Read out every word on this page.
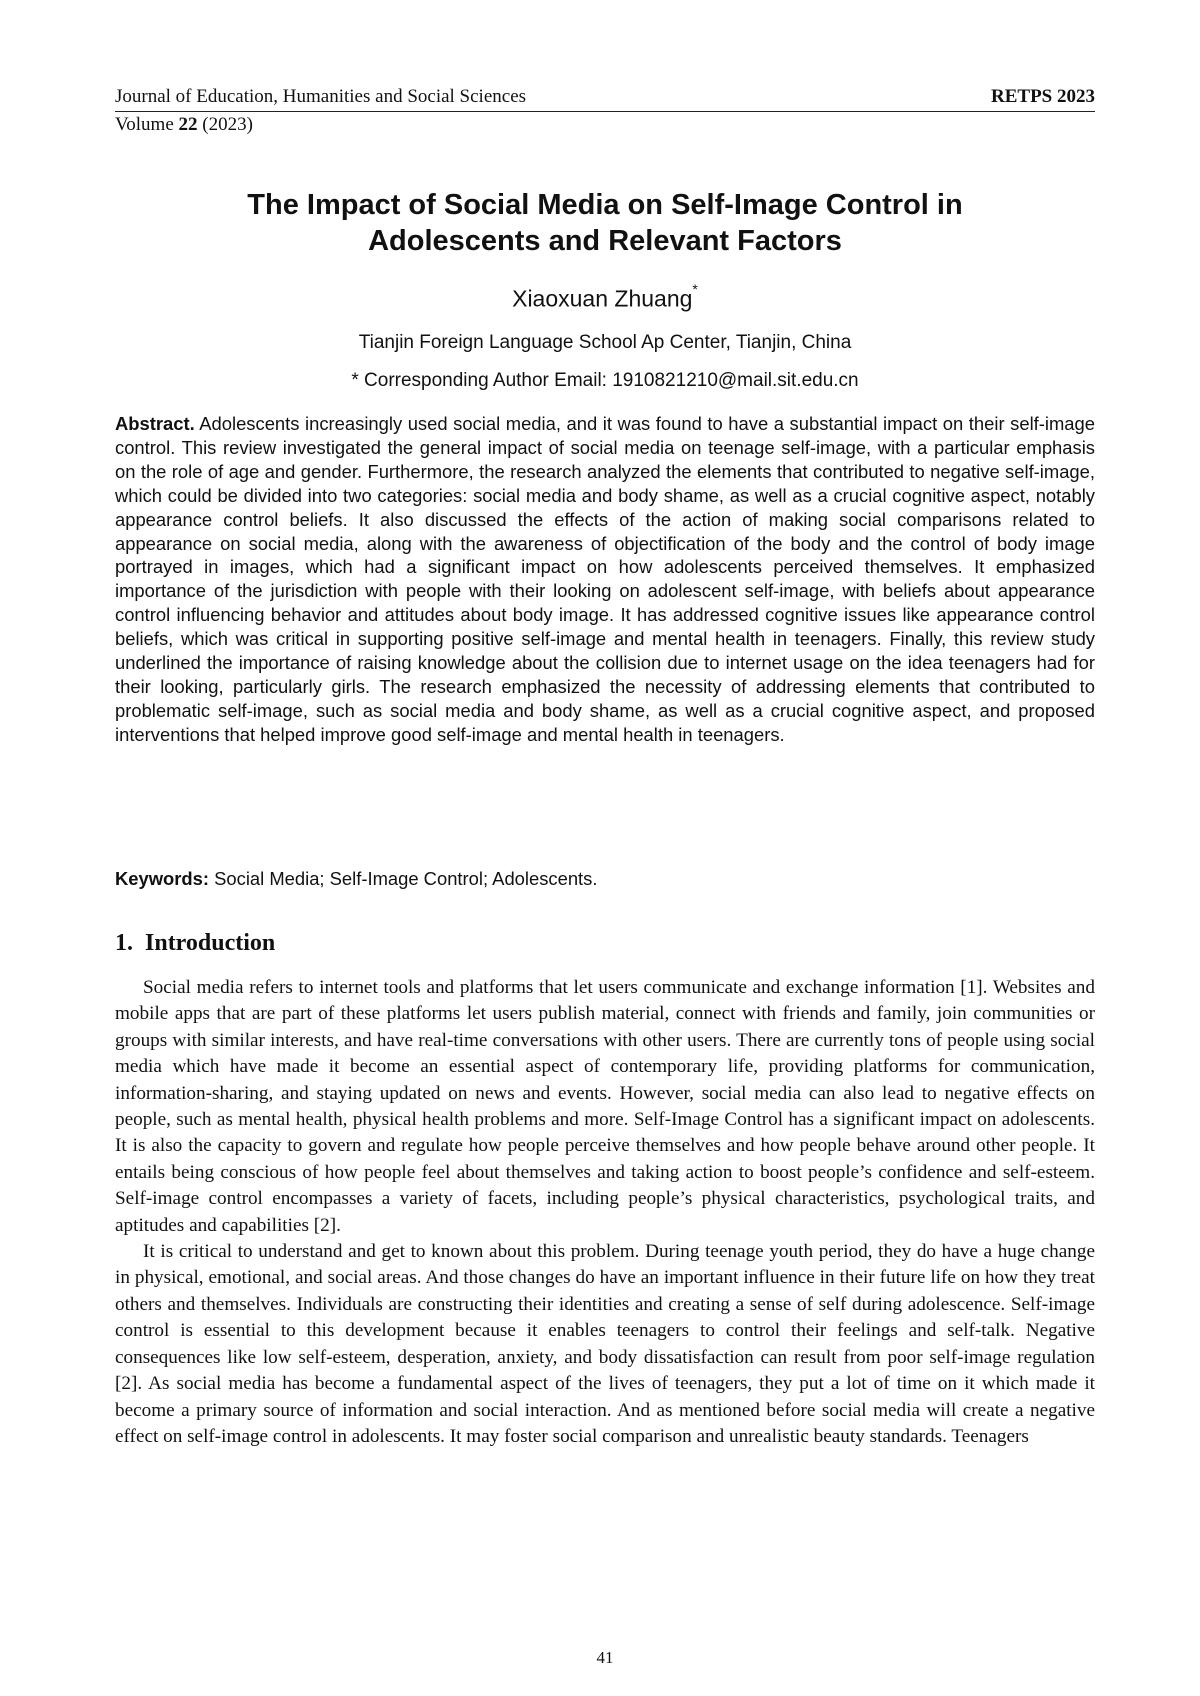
Journal of Education, Humanities and Social Sciences	RETPS 2023
Volume 22 (2023)
The Impact of Social Media on Self-Image Control in
Adolescents and Relevant Factors
Xiaoxuan Zhuang*
Tianjin Foreign Language School Ap Center, Tianjin, China
* Corresponding Author Email: 1910821210@mail.sit.edu.cn
Abstract. Adolescents increasingly used social media, and it was found to have a substantial impact on their self-image control. This review investigated the general impact of social media on teenage self-image, with a particular emphasis on the role of age and gender. Furthermore, the research analyzed the elements that contributed to negative self-image, which could be divided into two categories: social media and body shame, as well as a crucial cognitive aspect, notably appearance control beliefs. It also discussed the effects of the action of making social comparisons related to appearance on social media, along with the awareness of objectification of the body and the control of body image portrayed in images, which had a significant impact on how adolescents perceived themselves. It emphasized importance of the jurisdiction with people with their looking on adolescent self-image, with beliefs about appearance control influencing behavior and attitudes about body image. It has addressed cognitive issues like appearance control beliefs, which was critical in supporting positive self-image and mental health in teenagers. Finally, this review study underlined the importance of raising knowledge about the collision due to internet usage on the idea teenagers had for their looking, particularly girls. The research emphasized the necessity of addressing elements that contributed to problematic self-image, such as social media and body shame, as well as a crucial cognitive aspect, and proposed interventions that helped improve good self-image and mental health in teenagers.
Keywords: Social Media; Self-Image Control; Adolescents.
1. Introduction

Social media refers to internet tools and platforms that let users communicate and exchange information [1]. Websites and mobile apps that are part of these platforms let users publish material, connect with friends and family, join communities or groups with similar interests, and have real-time conversations with other users. There are currently tons of people using social media which have made it become an essential aspect of contemporary life, providing platforms for communication, information-sharing, and staying updated on news and events. However, social media can also lead to negative effects on people, such as mental health, physical health problems and more. Self-Image Control has a significant impact on adolescents. It is also the capacity to govern and regulate how people perceive themselves and how people behave around other people. It entails being conscious of how people feel about themselves and taking action to boost people’s confidence and self-esteem. Self-image control encompasses a variety of facets, including people’s physical characteristics, psychological traits, and aptitudes and capabilities [2].

It is critical to understand and get to known about this problem. During teenage youth period, they do have a huge change in physical, emotional, and social areas. And those changes do have an important influence in their future life on how they treat others and themselves. Individuals are constructing their identities and creating a sense of self during adolescence. Self-image control is essential to this development because it enables teenagers to control their feelings and self-talk. Negative consequences like low self-esteem, desperation, anxiety, and body dissatisfaction can result from poor self-image regulation [2]. As social media has become a fundamental aspect of the lives of teenagers, they put a lot of time on it which made it become a primary source of information and social interaction. And as mentioned before social media will create a negative effect on self-image control in adolescents. It may foster social comparison and unrealistic beauty standards. Teenagers

41
